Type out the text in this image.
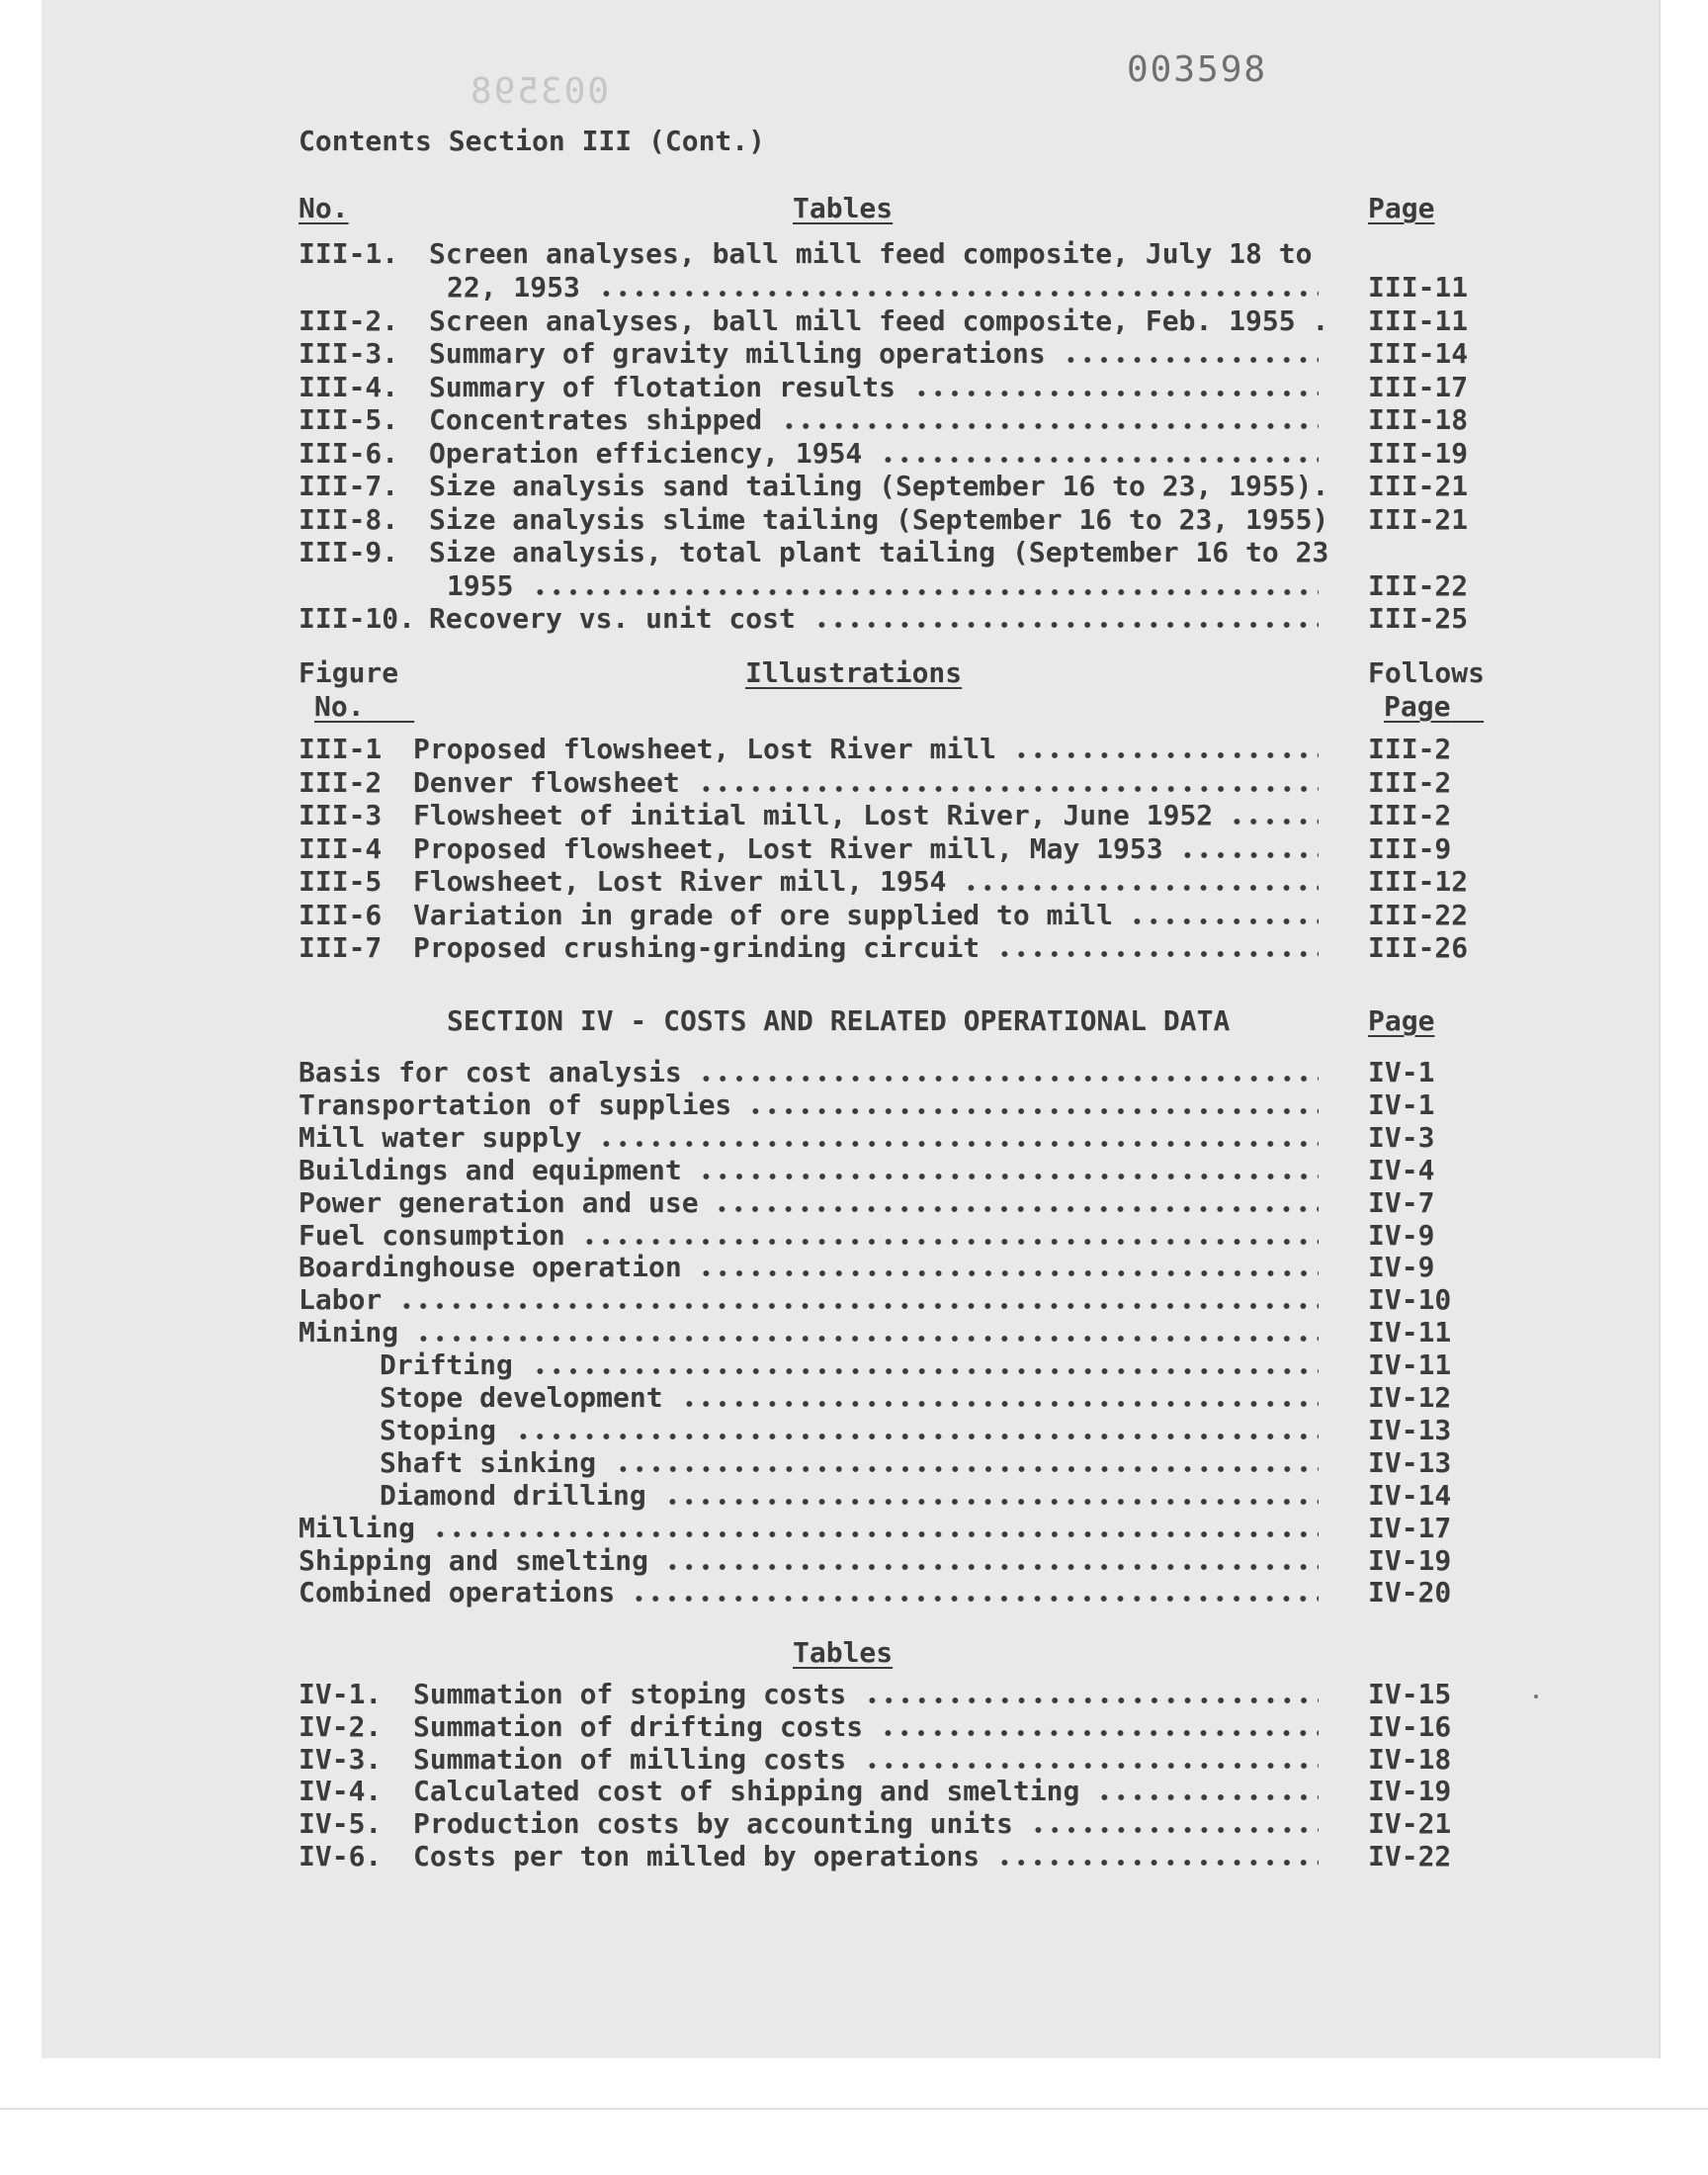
003598
003598
Contents Section III (Cont.)
No.	Tables	Page
III-1. Screen analyses, ball mill feed composite, July 18 to
22, 1953	III-11
III-2. Screen analyses, ball mill feed composite, Feb. 1955 . III-11
III-3. Summary of gravity milling operations	III-14
III-4. Summary of flotation results	III-17
III-5. Concentrates shipped	III-18
III-6. Operation efficiency, 1954	III-19
III-7. Size analysis sand tailing (September 16 to 23, 1955). III-21
III-8. Size analysis slime tailing (September 16 to 23, 1955) III-21
III-9. Size analysis, total plant tailing (September 16 to 23
1955	III-22
III-10. Recovery vs. unit cost	III-25
Figure
No.
Illustrations	Follows
Page
III-1 Proposed flowsheet, Lost River mill	III-2
III-2 Denver flowsheet	III-2
III-3 Flowsheet of initial mill, Lost River, June 1952	III-2
III-4 Proposed flowsheet, Lost River mill, May 1953	III-9
III-5 Flowsheet, Lost River mill, 1954	III-12
III-6 Variation in grade of ore supplied to mill	III-22
III-7 Proposed crushing-grinding circuit	III-26
SECTION IV - COSTS AND RELATED OPERATIONAL DATA	Page
Basis for cost analysis	IV-1
Transportation of supplies	IV-1
Mill water supply	IV-3
Buildings and equipment	IV-4
Power generation and use	IV-7
Fuel consumption	IV-9
Boardinghouse operation	IV-9
Labor	IV-10
Mining	IV-11
Drifting	IV-11
Stope development	IV-12
Stoping	IV-13
Shaft sinking	IV-13
Diamond drilling	IV-14
Milling	IV-17
Shipping and smelting	IV-19
Combined operations	IV-20
Tables
IV-1. Summation of stoping costs	IV-15
IV-2. Summation of drifting costs	IV-16
IV-3. Summation of milling costs	IV-18
IV-4. Calculated cost of shipping and smelting	IV-19
IV-5. Production costs by accounting units	IV-21
IV-6. Costs per ton milled by operations	IV-22
